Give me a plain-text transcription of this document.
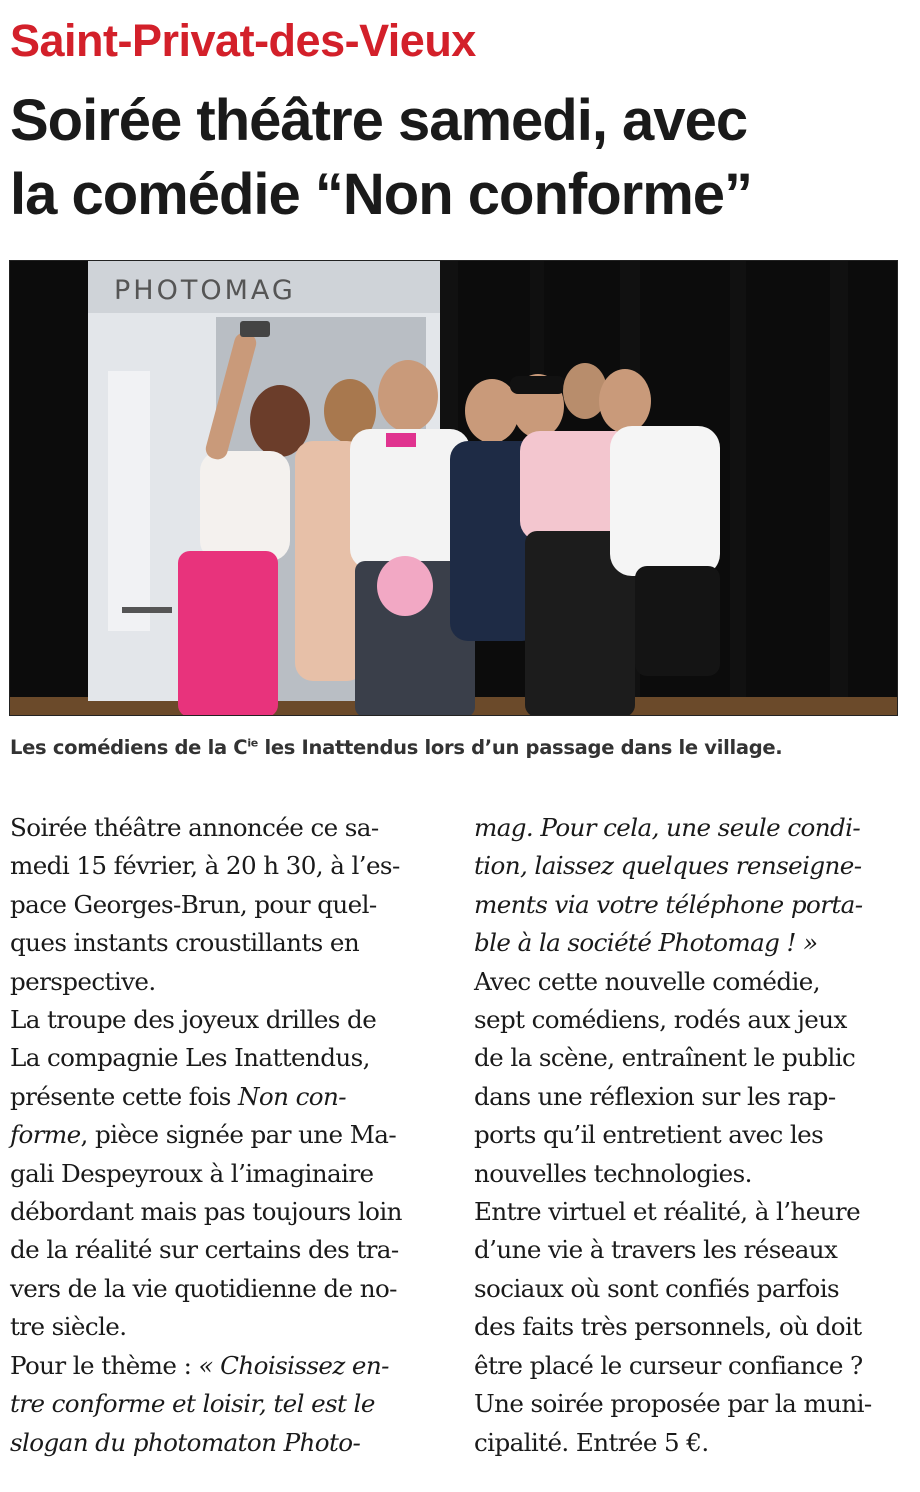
Saint-Privat-des-Vieux
Soirée théâtre samedi, avec
la comédie “Non conforme”
PHOTOMAG
Les comédiens de la $C^{ie}$ les Inattendus lors d’un passage dans le village.
Soirée théâtre annoncée ce sa-
medi 15 février, à 20 h 30, à l’es-
pace Georges-Brun, pour quel-
ques instants croustillants en
perspective.
La troupe des joyeux drilles de
La compagnie Les Inattendus,
présente cette fois Non con-
forme, pièce signée par une Ma-
gali Despeyroux à l’imaginaire
débordant mais pas toujours loin
de la réalité sur certains des tra-
vers de la vie quotidienne de no-
tre siècle.
Pour le thème : « Choisissez en-
tre conforme et loisir, tel est le
slogan du photomaton Photo-
mag. Pour cela, une seule condi-
tion, laissez quelques renseigne-
ments via votre téléphone porta-
ble à la société Photomag ! »
Avec cette nouvelle comédie,
sept comédiens, rodés aux jeux
de la scène, entraînent le public
dans une réflexion sur les rap-
ports qu’il entretient avec les
nouvelles technologies.
Entre virtuel et réalité, à l’heure
d’une vie à travers les réseaux
sociaux où sont confiés parfois
des faits très personnels, où doit
être placé le curseur confiance ?
Une soirée proposée par la muni-
cipalité. Entrée 5 €.
